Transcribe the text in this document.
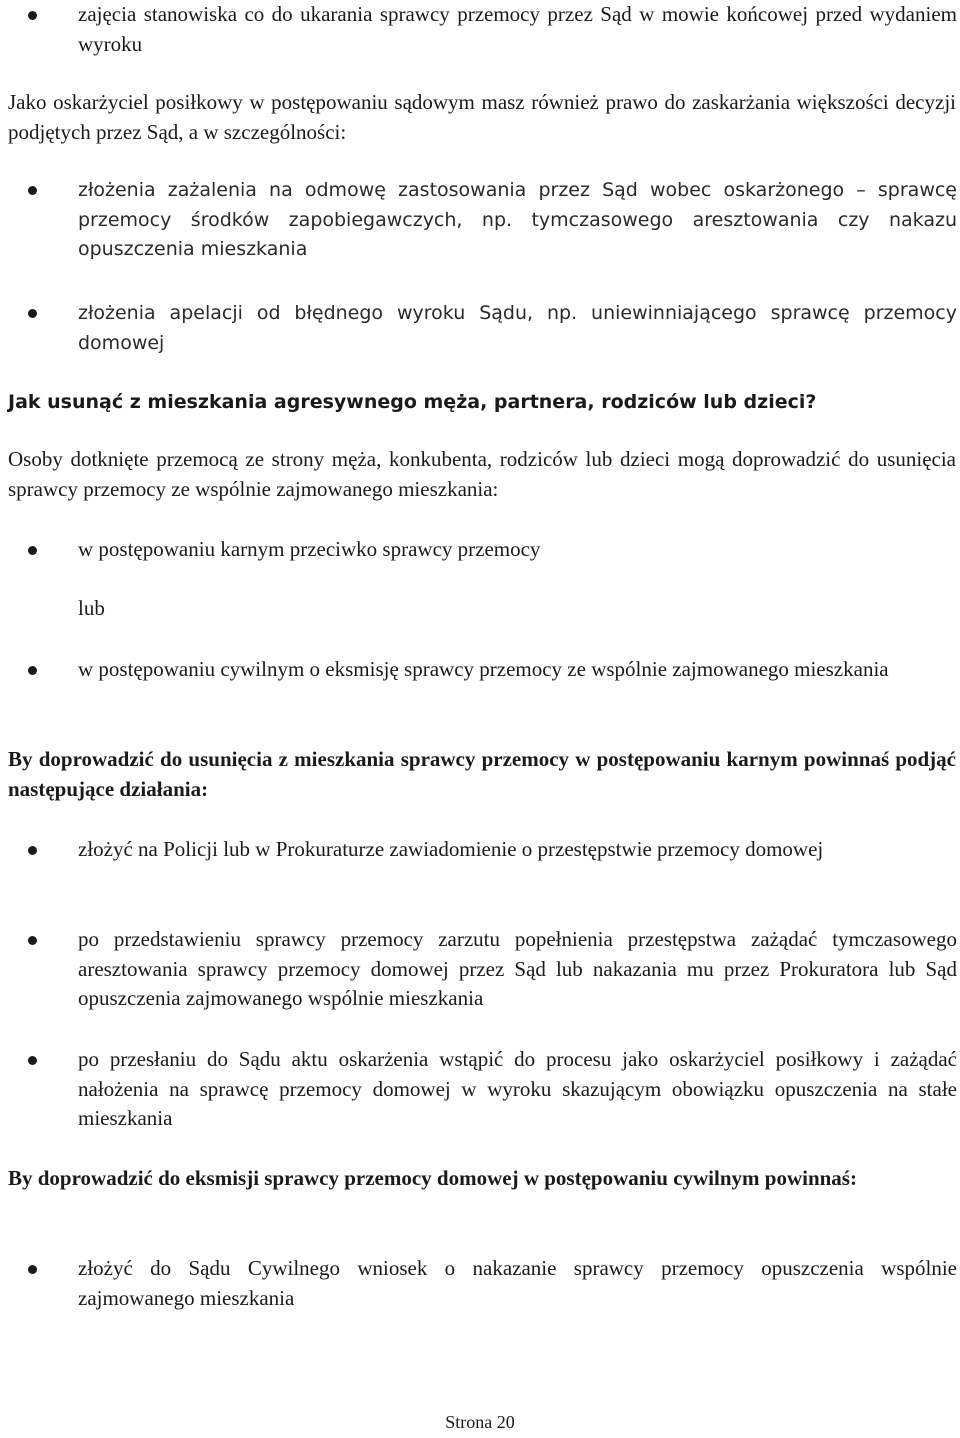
zajęcia stanowiska co do ukarania sprawcy przemocy przez Sąd w mowie końcowej przed wydaniem wyroku
Jako oskarżyciel posiłkowy w postępowaniu sądowym masz również prawo do zaskarżania większości decyzji podjętych przez Sąd, a w szczególności:
złożenia zażalenia na odmowę zastosowania przez Sąd wobec oskarżonego – sprawcę przemocy środków zapobiegawczych, np. tymczasowego aresztowania czy nakazu opuszczenia mieszkania
złożenia apelacji od błędnego wyroku Sądu, np. uniewinniającego sprawcę przemocy domowej
Jak usunąć z mieszkania agresywnego męża, partnera, rodziców lub dzieci?
Osoby dotknięte przemocą ze strony męża, konkubenta, rodziców lub dzieci mogą doprowadzić do usunięcia sprawcy przemocy ze wspólnie zajmowanego mieszkania:
w postępowaniu karnym przeciwko sprawcy przemocy
lub
w postępowaniu cywilnym o eksmisję sprawcy przemocy ze wspólnie zajmowanego mieszkania
By doprowadzić do usunięcia z mieszkania sprawcy przemocy w postępowaniu karnym powinnaś podjąć następujące działania:
złożyć na Policji lub w Prokuraturze zawiadomienie o przestępstwie przemocy domowej
po przedstawieniu sprawcy przemocy zarzutu popełnienia przestępstwa zażądać tymczasowego aresztowania sprawcy przemocy domowej przez Sąd lub nakazania mu przez Prokuratora lub Sąd opuszczenia zajmowanego wspólnie mieszkania
po przesłaniu do Sądu aktu oskarżenia wstąpić do procesu jako oskarżyciel posiłkowy i zażądać nałożenia na sprawcę przemocy domowej w wyroku skazującym obowiązku opuszczenia na stałe mieszkania
By doprowadzić do eksmisji sprawcy przemocy domowej w postępowaniu cywilnym powinnaś:
złożyć do Sądu Cywilnego wniosek o nakazanie sprawcy przemocy opuszczenia wspólnie zajmowanego mieszkania
Strona 20
